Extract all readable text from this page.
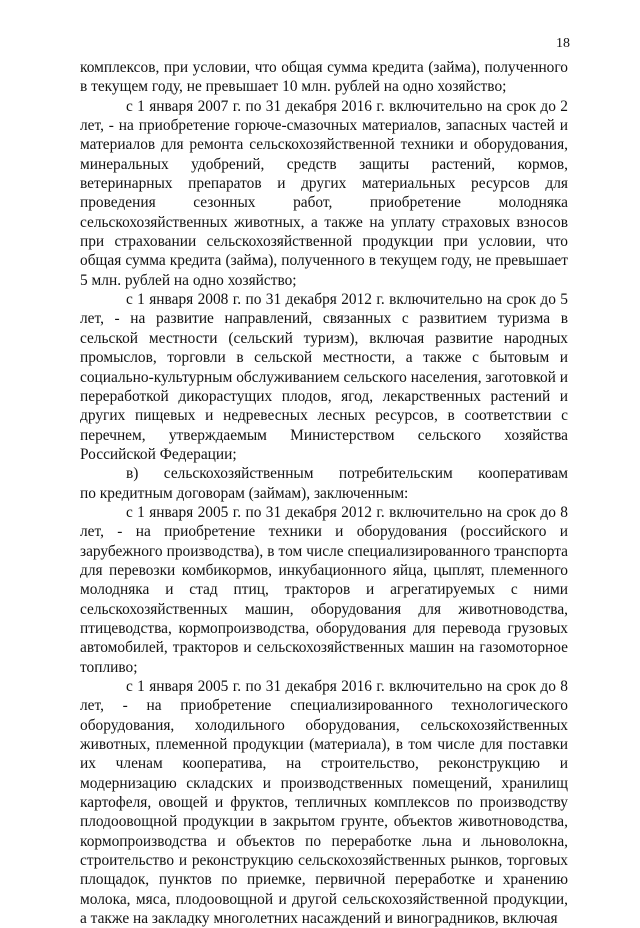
18

комплексов, при условии, что общая сумма кредита (займа), полученного в текущем году, не превышает 10 млн. рублей на одно хозяйство;

с 1 января 2007 г. по 31 декабря 2016 г. включительно на срок до 2 лет, - на приобретение горюче-смазочных материалов, запасных частей и материалов для ремонта сельскохозяйственной техники и оборудования, минеральных удобрений, средств защиты растений, кормов, ветеринарных препаратов и других материальных ресурсов для проведения сезонных работ, приобретение молодняка сельскохозяйственных животных, а также на уплату страховых взносов при страховании сельскохозяйственной продукции при условии, что общая сумма кредита (займа), полученного в текущем году, не превышает 5 млн. рублей на одно хозяйство;

с 1 января 2008 г. по 31 декабря 2012 г. включительно на срок до 5 лет, - на развитие направлений, связанных с развитием туризма в сельской местности (сельский туризм), включая развитие народных промыслов, торговли в сельской местности, а также с бытовым и социально-культурным обслуживанием сельского населения, заготовкой и переработкой дикорастущих плодов, ягод, лекарственных растений и других пищевых и недревесных лесных ресурсов, в соответствии с перечнем, утверждаемым Министерством сельского хозяйства Российской Федерации;

в) сельскохозяйственным потребительским кооперативам

по кредитным договорам (займам), заключенным:

с 1 января 2005 г. по 31 декабря 2012 г. включительно на срок до 8 лет, - на приобретение техники и оборудования (российского и зарубежного производства), в том числе специализированного транспорта для перевозки комбикормов, инкубационного яйца, цыплят, племенного молодняка и стад птиц, тракторов и агрегатируемых с ними сельскохозяйственных машин, оборудования для животноводства, птицеводства, кормопроизводства, оборудования для перевода грузовых автомобилей, тракторов и сельскохозяйственных машин на газомоторное топливо;

с 1 января 2005 г. по 31 декабря 2016 г. включительно на срок до 8 лет, - на приобретение специализированного технологического оборудования, холодильного оборудования, сельскохозяйственных животных, племенной продукции (материала), в том числе для поставки их членам кооператива, на строительство, реконструкцию и модернизацию складских и производственных помещений, хранилищ картофеля, овощей и фруктов, тепличных комплексов по производству плодоовощной продукции в закрытом грунте, объектов животноводства, кормопроизводства и объектов по переработке льна и льноволокна, строительство и реконструкцию сельскохозяйственных рынков, торговых площадок, пунктов по приемке, первичной переработке и хранению молока, мяса, плодоовощной и другой сельскохозяйственной продукции, а также на закладку многолетних насаждений и виноградников, включая
